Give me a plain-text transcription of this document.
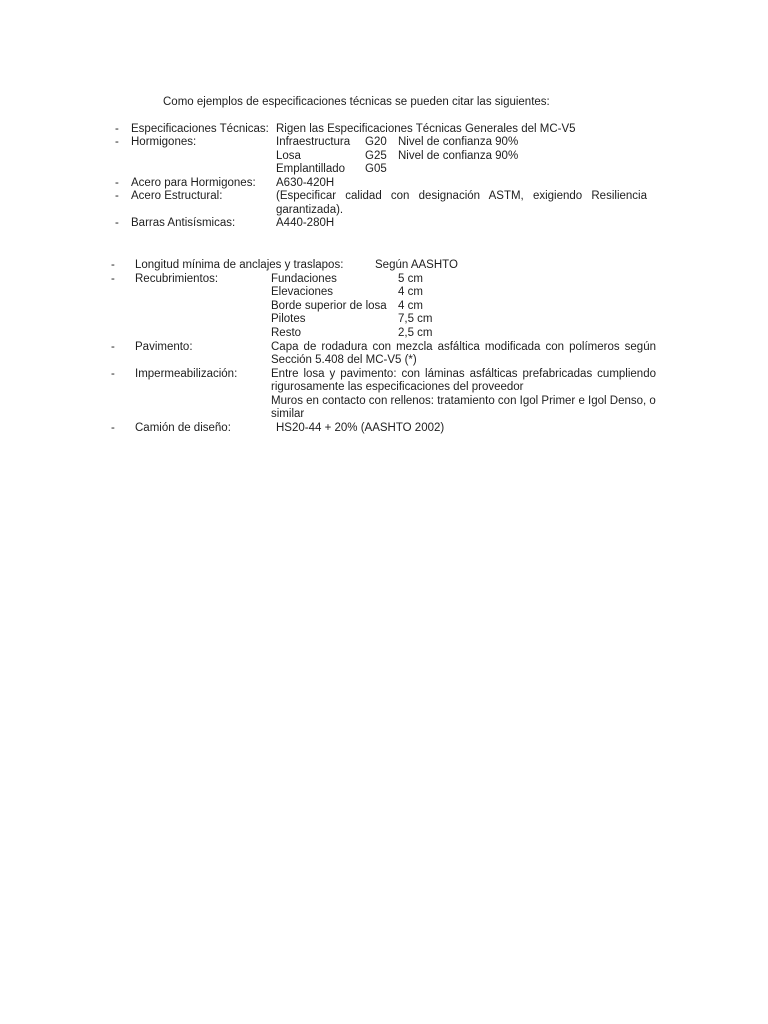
Como ejemplos de especificaciones técnicas se pueden citar las siguientes:
- Especificaciones Técnicas: Rigen las Especificaciones Técnicas Generales del MC-V5
- Hormigones:	Infraestructura G20 Nivel de confianza 90%
Losa	G25 Nivel de confianza 90%
Emplantillado G05
- Acero para Hormigones: A630-420H
- Acero Estructural:	(Especificar calidad con designación ASTM, exigiendo Resiliencia
garantizada).
- Barras Antisísmicas:	A440-280H
- Longitud mínima de anclajes y traslapos:	Según AASHTO
- Recubrimientos:	Fundaciones	5 cm
Elevaciones	4 cm
Borde superior de losa 4 cm
Pilotes	7,5 cm
Resto	2,5 cm
- Pavimento:	Capa de rodadura con mezcla asfáltica modificada con polímeros según
Sección 5.408 del MC-V5 (*)
- Impermeabilización:	Entre losa y pavimento: con láminas asfálticas prefabricadas cumpliendo
rigurosamente las especificaciones del proveedor
Muros en contacto con rellenos: tratamiento con Igol Primer e Igol Denso, o
similar
- Camión de diseño:	HS20-44 + 20% (AASHTO 2002)
